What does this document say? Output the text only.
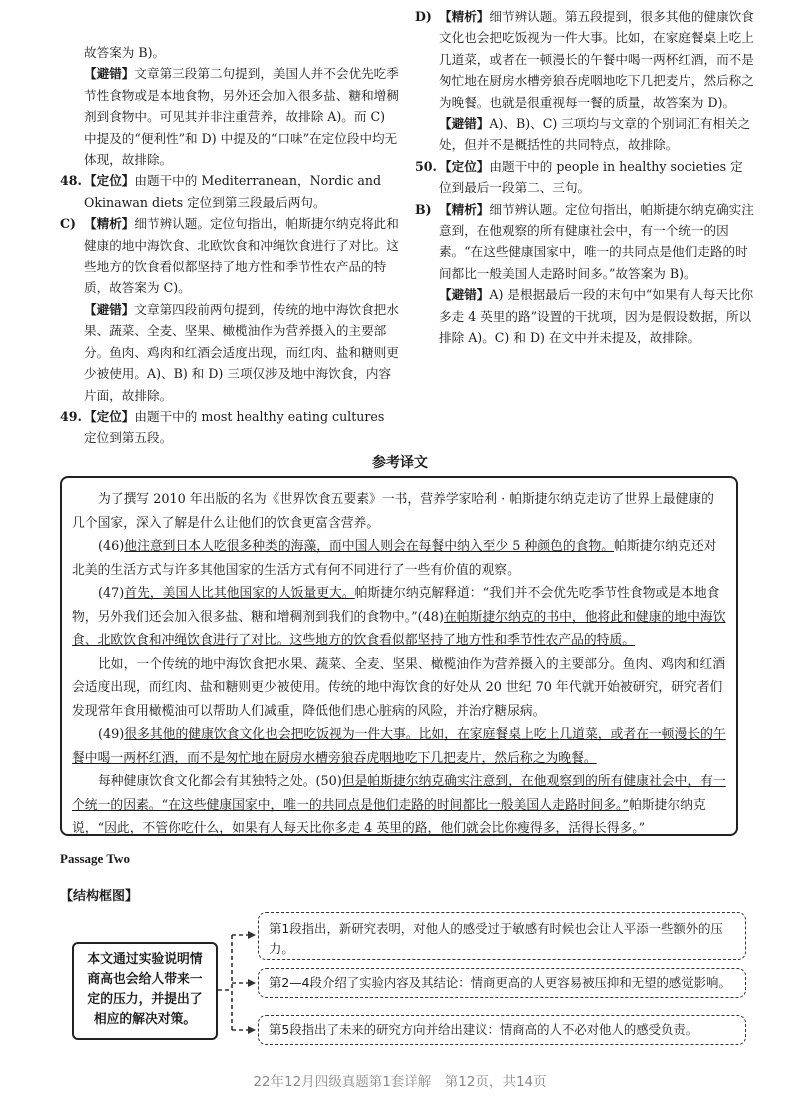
故答案为 B)。

【避错】文章第三段第二句提到，美国人并不会优先吃季节性食物或是本地食物，另外还会加入很多盐、糖和增稠剂到食物中。可见其并非注重营养，故排除 A)。而 C) 中提及的“便利性”和 D) 中提及的“口味”在定位段中均无体现，故排除。

48. 【定位】由题干中的 Mediterranean，Nordic and Okinawan diets 定位到第三段最后两句。

C) 【精析】细节辨认题。定位句指出，帕斯捷尔纳克将此和健康的地中海饮食、北欧饮食和冲绳饮食进行了对比。这些地方的饮食看似都坚持了地方性和季节性农产品的特质，故答案为 C)。

【避错】文章第四段前两句提到，传统的地中海饮食把水果、蔬菜、全麦、坚果、橄榄油作为营养摄入的主要部分。鱼肉、鸡肉和红酒会适度出现，而红肉、盐和糖则更少被使用。A)、B) 和 D) 三项仅涉及地中海饮食，内容片面，故排除。

49. 【定位】由题干中的 most healthy eating cultures 定位到第五段。

D) 【精析】细节辨认题。第五段提到，很多其他的健康饮食文化也会把吃饭视为一件大事。比如，在家庭餐桌上吃上几道菜，或者在一顿漫长的午餐中喝一两杯红酒，而不是匆忙地在厨房水槽旁狼吞虎咽地吃下几把麦片，然后称之为晚餐。也就是很重视每一餐的质量，故答案为 D)。

【避错】A)、B)、C) 三项均与文章的个别词汇有相关之处，但并不是概括性的共同特点，故排除。

50. 【定位】由题干中的 people in healthy societies 定位到最后一段第二、三句。

B) 【精析】细节辨认题。定位句指出，帕斯捷尔纳克确实注意到，在他观察的所有健康社会中，有一个统一的因素。“在这些健康国家中，唯一的共同点是他们走路的时间都比一般美国人走路时间多。”故答案为 B)。

【避错】A) 是根据最后一段的末句中“如果有人每天比你多走 4 英里的路”设置的干扰项，因为是假设数据，所以排除 A)。C) 和 D) 在文中并未提及，故排除。

参考译文

为了撰写 2010 年出版的名为《世界饮食五要素》一书，营养学家哈利 · 帕斯捷尔纳克走访了世界上最健康的几个国家，深入了解是什么让他们的饮食更富含营养。

(46)他注意到日本人吃很多种类的海藻，而中国人则会在每餐中纳入至少 5 种颜色的食物。帕斯捷尔纳克还对北美的生活方式与许多其他国家的生活方式有何不同进行了一些有价值的观察。

(47)首先，美国人比其他国家的人饭量更大。帕斯捷尔纳克解释道：“我们并不会优先吃季节性食物或是本地食物，另外我们还会加入很多盐、糖和增稠剂到我们的食物中。”(48)在帕斯捷尔纳克的书中，他将此和健康的地中海饮食、北欧饮食和冲绳饮食进行了对比。这些地方的饮食看似都坚持了地方性和季节性农产品的特质。

比如，一个传统的地中海饮食把水果、蔬菜、全麦、坚果、橄榄油作为营养摄入的主要部分。鱼肉、鸡肉和红酒会适度出现，而红肉、盐和糖则更少被使用。传统的地中海饮食的好处从 20 世纪 70 年代就开始被研究，研究者们发现常年食用橄榄油可以帮助人们减重，降低他们患心脏病的风险，并治疗糖尿病。

(49)很多其他的健康饮食文化也会把吃饭视为一件大事。比如，在家庭餐桌上吃上几道菜，或者在一顿漫长的午餐中喝一两杯红酒，而不是匆忙地在厨房水槽旁狼吞虎咽地吃下几把麦片，然后称之为晚餐。

每种健康饮食文化都会有其独特之处。(50)但是帕斯捷尔纳克确实注意到，在他观察到的所有健康社会中，有一个统一的因素。“在这些健康国家中，唯一的共同点是他们走路的时间都比一般美国人走路时间多。”帕斯捷尔纳克说，“因此，不管你吃什么，如果有人每天比你多走 4 英里的路，他们就会比你瘦得多，活得长得多。”

Passage Two
【结构框图】
本文通过实验说明情商高也会给人带来一定的压力，并提出了相应的解决对策。
第1段指出，新研究表明，对他人的感受过于敏感有时候也会让人平添一些额外的压力。
第2—4段介绍了实验内容及其结论：情商更高的人更容易被压抑和无望的感觉影响。
第5段指出了未来的研究方向并给出建议：情商高的人不必对他人的感受负责。
22年12月四级真题第1套详解　第12页，共14页
